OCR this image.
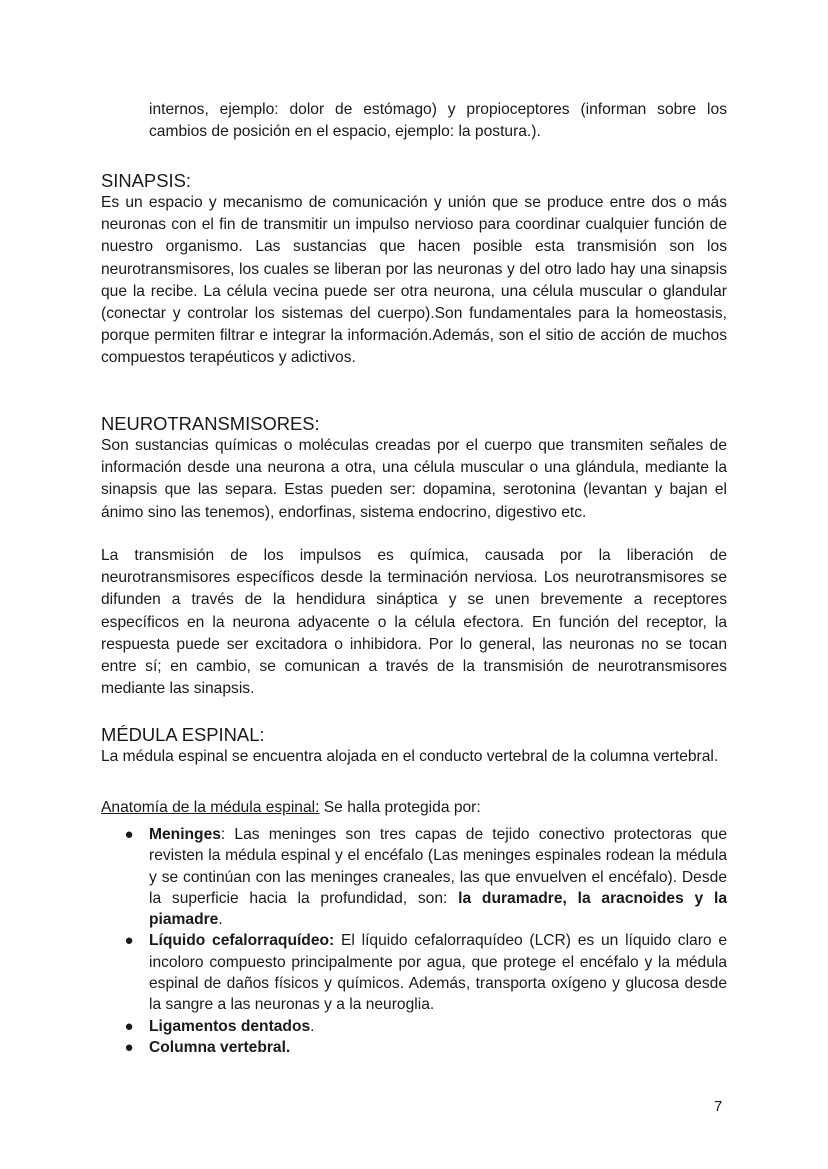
internos, ejemplo: dolor de estómago) y propioceptores (informan sobre los cambios de posición en el espacio, ejemplo: la postura.).

SINAPSIS:

Es un espacio y mecanismo de comunicación y unión que se produce entre dos o más neuronas con el fin de transmitir un impulso nervioso para coordinar cualquier función de nuestro organismo. Las sustancias que hacen posible esta transmisión son los neurotransmisores, los cuales se liberan por las neuronas y del otro lado hay una sinapsis que la recibe. La célula vecina puede ser otra neurona, una célula muscular o glandular (conectar y controlar los sistemas del cuerpo).Son fundamentales para la homeostasis, porque permiten filtrar e integrar la información.Además, son el sitio de acción de muchos compuestos terapéuticos y adictivos.

NEUROTRANSMISORES:

Son sustancias químicas o moléculas creadas por el cuerpo que transmiten señales de información desde una neurona a otra, una célula muscular o una glándula, mediante la sinapsis que las separa. Estas pueden ser: dopamina, serotonina (levantan y bajan el ánimo sino las tenemos), endorfinas, sistema endocrino, digestivo etc.

La transmisión de los impulsos es química, causada por la liberación de neurotransmisores específicos desde la terminación nerviosa. Los neurotransmisores se difunden a través de la hendidura sináptica y se unen brevemente a receptores específicos en la neurona adyacente o la célula efectora. En función del receptor, la respuesta puede ser excitadora o inhibidora. Por lo general, las neuronas no se tocan entre sí; en cambio, se comunican a través de la transmisión de neurotransmisores mediante las sinapsis.

MÉDULA ESPINAL:

La médula espinal se encuentra alojada en el conducto vertebral de la columna vertebral.

Anatomía de la médula espinal: Se halla protegida por:

● Meninges: Las meninges son tres capas de tejido conectivo protectoras que revisten la médula espinal y el encéfalo (Las meninges espinales rodean la médula y se continúan con las meninges craneales, las que envuelven el encéfalo). Desde la superficie hacia la profundidad, son: la duramadre, la aracnoides y la piamadre.
● Líquido cefalorraquídeo: El líquido cefalorraquídeo (LCR) es un líquido claro e incoloro compuesto principalmente por agua, que protege el encéfalo y la médula espinal de daños físicos y químicos. Además, transporta oxígeno y glucosa desde la sangre a las neuronas y a la neuroglia.
● Ligamentos dentados.
● Columna vertebral.
7
